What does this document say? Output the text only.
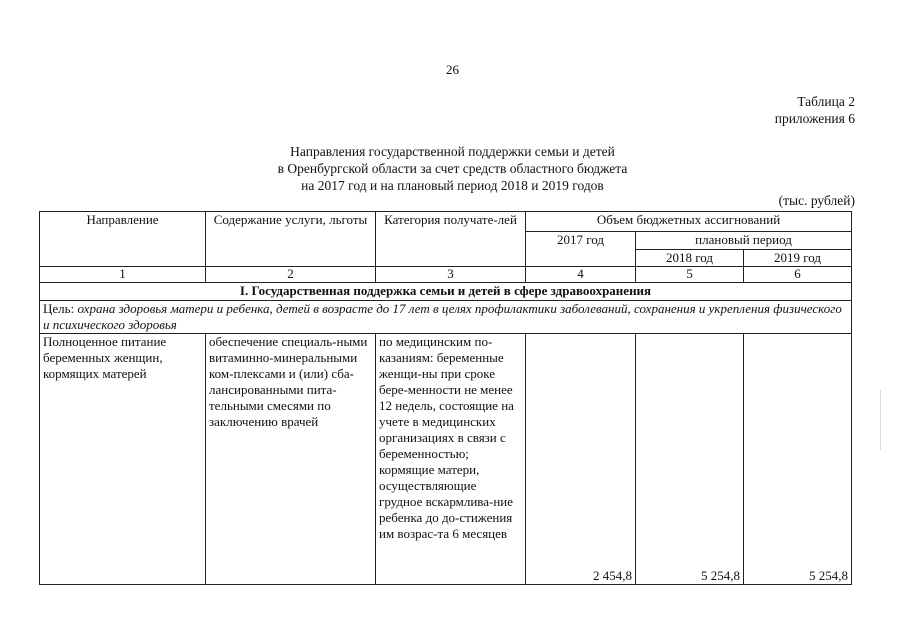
26
Таблица 2
приложения 6
Направления государственной поддержки семьи и детей
в Оренбургской области за счет средств областного бюджета
на 2017 год и на плановый период 2018 и 2019 годов
(тыс. рублей)
Направление	Содержание услуги, льготы	Категория получате-лей	Объем бюджетных ассигнований		
			2017 год	плановый период	
				2018 год	2019 год
1	2	3	4	5	6
I. Государственная поддержка семьи и детей в сфере здравоохранения					
Цель: охрана здоровья матери и ребенка, детей в возрасте до 17 лет в целях профилактики заболеваний, сохранения и укрепления физического и психического здоровья					
Полноценное питание беременных женщин, кормящих матерей	обеспечение специаль-ными витаминно-минеральными ком-плексами и (или) сба-лансированными пита-тельными смесями по заключению врачей	по медицинским по-казаниям: беременные женщи-ны при сроке бере-менности не менее 12 недель, состоящие на учете в медицинских организациях в связи с беременностью; кормящие матери, осуществляющие грудное вскармлива-ние ребенка до до-стижения им возрас-та 6 месяцев	2 454,8	5 254,8	5 254,8
